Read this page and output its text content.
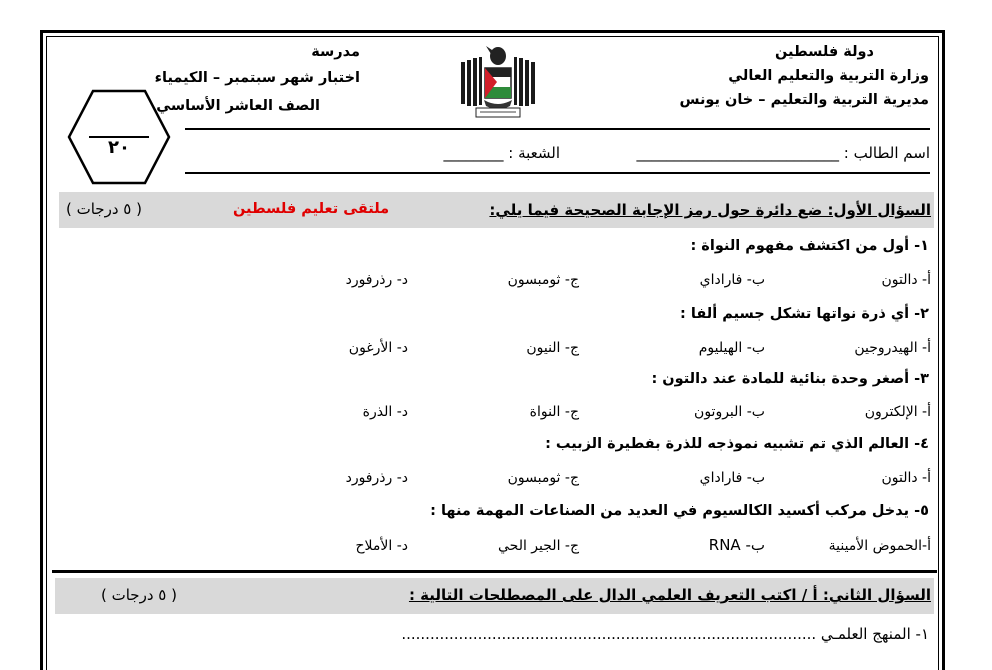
دولة فلسطين
وزارة التربية والتعليم العالي
مديرية التربية والتعليم – خان يونس
مدرسة
اختبار شهر سبتمبر – الكيمياء
الصف العاشر الأساسي
٢٠	اسم الطالب : ___________________________
الشعبة : ________
السؤال الأول: ضع دائرة حول رمز الإجابة الصحيحة فيما يلي:
ملتقى تعليم فلسطين
( ٥ درجات )
١- أول من اكتشف مفهوم النواة :
أ- دالتون
ب- فاراداي
ج- ثومبسون
د- رذرفورد
٢- أي ذرة نواتها تشكل جسيم ألفا :
أ- الهيدروجين
ب- الهيليوم
ج- النيون
د- الأرغون
٣- أصغر وحدة بنائية للمادة عند دالتون :
أ- الإلكترون
ب- البروتون
ج- النواة
د- الذرة
٤- العالم الذي تم تشبيه نموذجه للذرة بفطيرة الزبيب :
أ- دالتون
ب- فاراداي
ج- ثومبسون
د- رذرفورد
٥- يدخل مركب أكسيد الكالسيوم في العديد من الصناعات المهمة منها :
أ-الحموض الأمينية
ب- RNA
ج- الجير الحي
د- الأملاح
السؤال الثاني: أ / اكتب التعريف العلمي الدال على المصطلحات التالية :
( ٥ درجات )
١- المنهج العلمـي .......................................................................................
